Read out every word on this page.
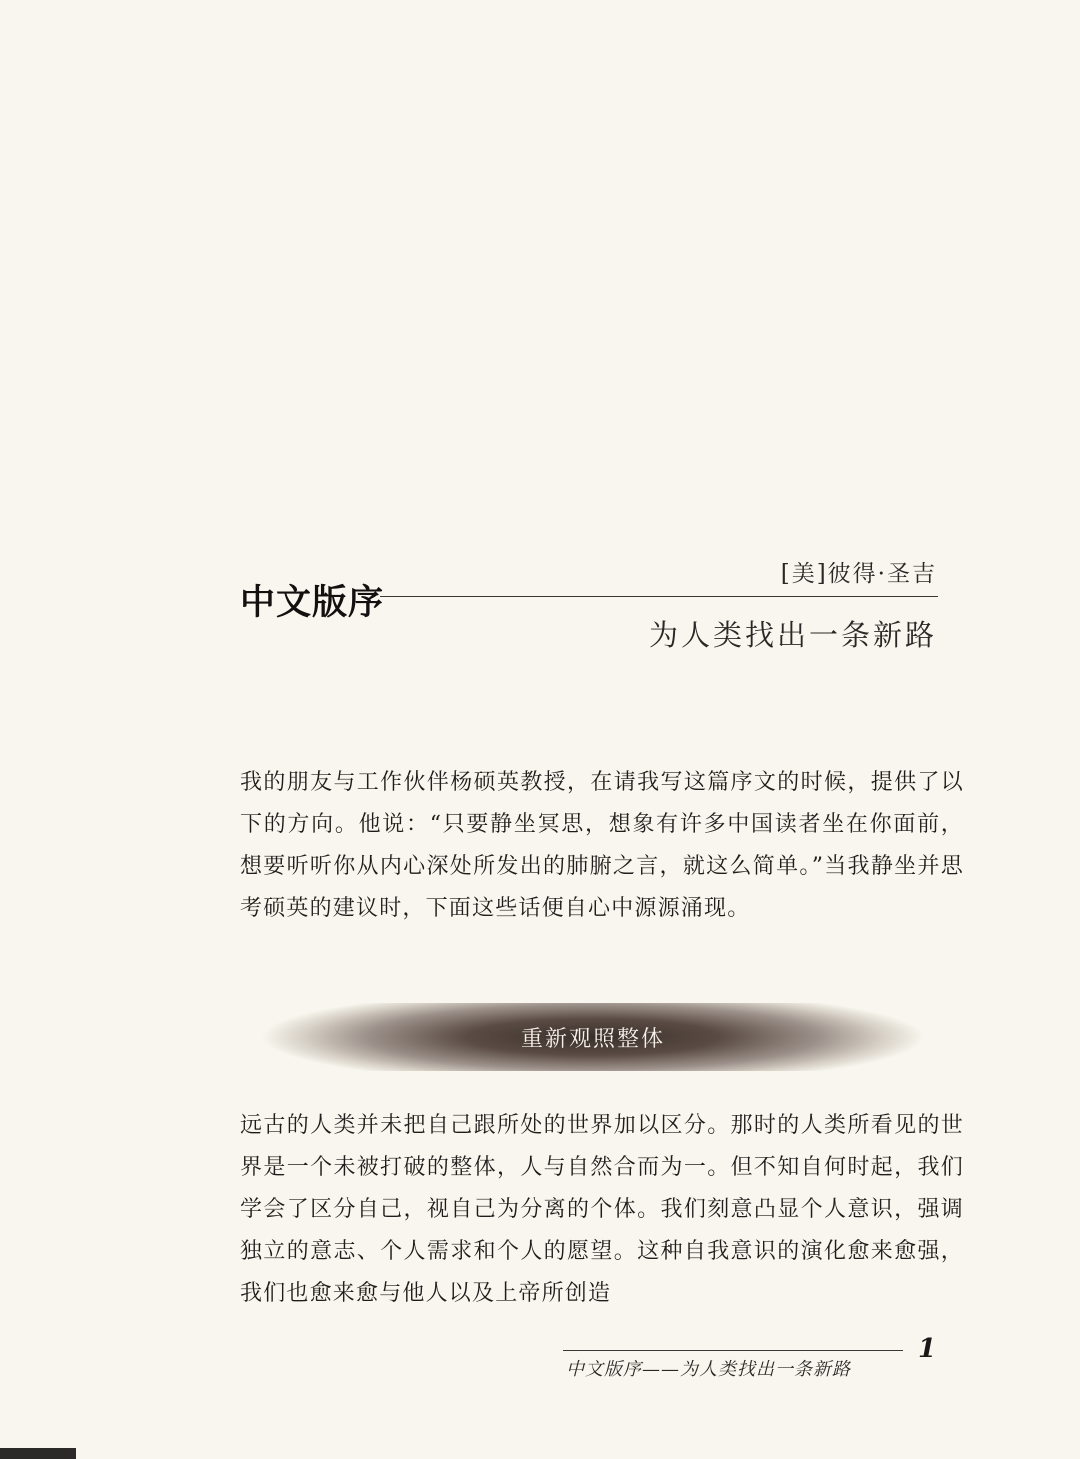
[美]彼得·圣吉
中文版序
为人类找出一条新路

我的朋友与工作伙伴杨硕英教授，在请我写这篇序文的时候，提供了以下的方向。他说：“只要静坐冥思，想象有许多中国读者坐在你面前，想要听听你从内心深处所发出的肺腑之言，就这么简单。”当我静坐并思考硕英的建议时，下面这些话便自心中源源涌现。

重新观照整体

远古的人类并未把自己跟所处的世界加以区分。那时的人类所看见的世界是一个未被打破的整体，人与自然合而为一。但不知自何时起，我们学会了区分自己，视自己为分离的个体。我们刻意凸显个人意识，强调独立的意志、个人需求和个人的愿望。这种自我意识的演化愈来愈强，我们也愈来愈与他人以及上帝所创造

中文版序——为人类找出一条新路
1
